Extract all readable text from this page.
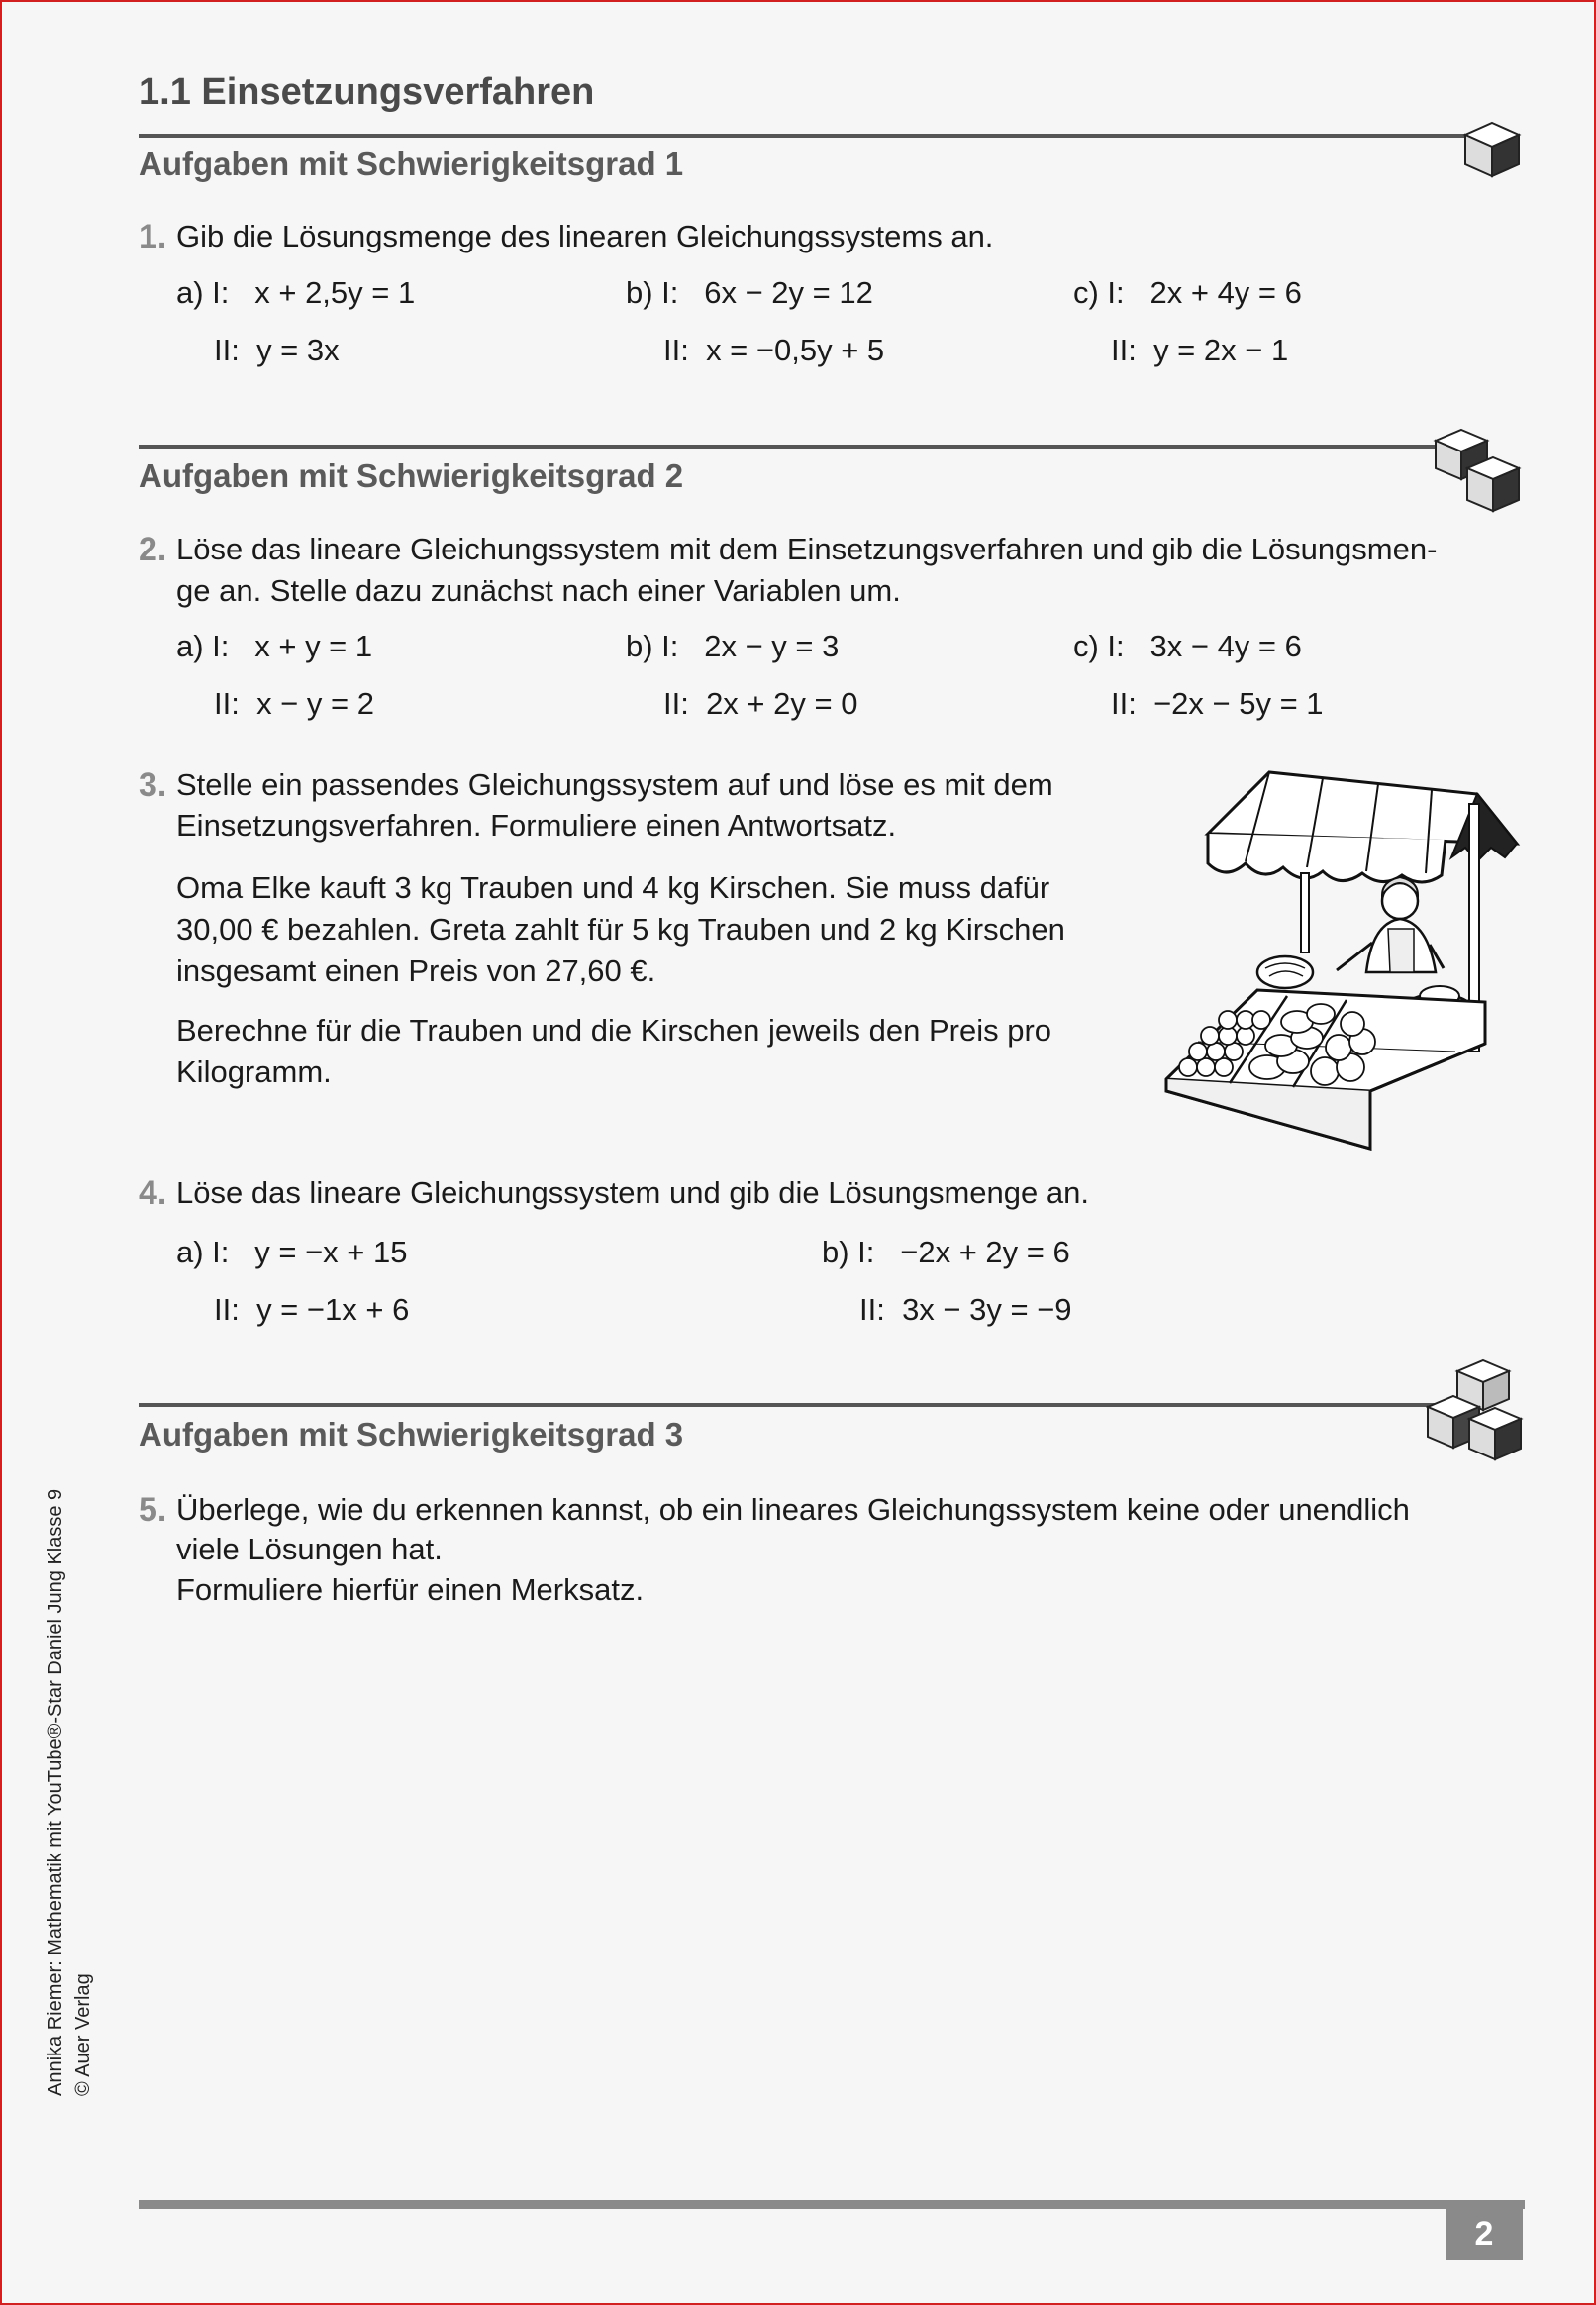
1.1 Einsetzungsverfahren
Aufgaben mit Schwierigkeitsgrad 1
1. Gib die Lösungsmenge des linearen Gleichungssystems an.
a) I:   x + 2,5y = 1
II:  y = 3x
b) I:   6x − 2y = 12
II:  x = −0,5y + 5
c) I:   2x + 4y = 6
II:  y = 2x − 1
Aufgaben mit Schwierigkeitsgrad 2
2. Löse das lineare Gleichungssystem mit dem Einsetzungsverfahren und gib die Lösungsmen-
ge an. Stelle dazu zunächst nach einer Variablen um.
a) I:   x + y = 1
II:  x − y = 2
b) I:   2x − y = 3
II:  2x + 2y = 0
c) I:   3x − 4y = 6
II:  −2x − 5y = 1
3. Stelle ein passendes Gleichungssystem auf und löse es mit dem
Einsetzungsverfahren. Formuliere einen Antwortsatz.
Oma Elke kauft 3 kg Trauben und 4 kg Kirschen. Sie muss dafür
30,00 € bezahlen. Greta zahlt für 5 kg Trauben und 2 kg Kirschen
insgesamt einen Preis von 27,60 €.
Berechne für die Trauben und die Kirschen jeweils den Preis pro
Kilogramm.
4. Löse das lineare Gleichungssystem und gib die Lösungsmenge an.
a) I:   y = −x + 15
II:  y = −1x + 6
b) I:   −2x + 2y = 6
II:  3x − 3y = −9
Aufgaben mit Schwierigkeitsgrad 3
5. Überlege, wie du erkennen kannst, ob ein lineares Gleichungssystem keine oder unendlich
viele Lösungen hat.
Formuliere hierfür einen Merksatz.
Annika Riemer: Mathematik mit YouTube®-Star Daniel Jung Klasse 9 © Auer Verlag
2
